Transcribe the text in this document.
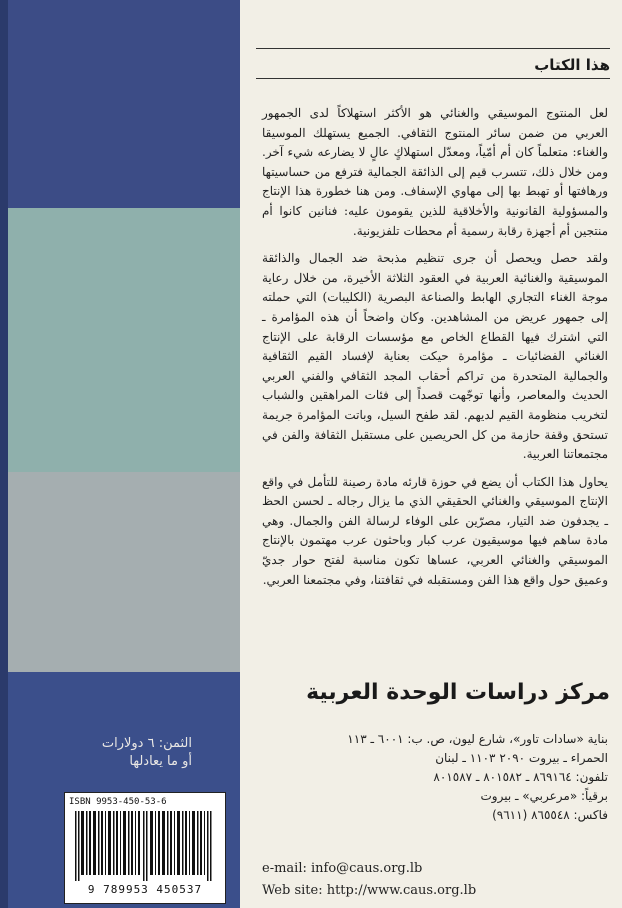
الثمن: ٦ دولارات
أو ما يعادلها
ISBN 9953-450-53-6
9 789953 450537
هذا الكتاب

لعل المنتوج الموسيقي والغنائي هو الأكثر استهلاكاً لدى الجمهور العربي من ضمن سائر المنتوج الثقافي. الجميع يستهلك الموسيقا والغناء: متعلماً كان أم أمّياً، ومعدّل استهلاكٍ عالٍ لا يضارعه شيء آخر. ومن خلال ذلك، تتسرب قيم إلى الذائقة الجمالية فترفع من حساسيتها ورهافتها أو تهبط بها إلى مهاوي الإسفاف. ومن هنا خطورة هذا الإنتاج والمسؤولية القانونية والأخلاقية للذين يقومون عليه: فنانين كانوا أم منتجين أم أجهزة رقابة رسمية أم محطات تلفزيونية.

ولقد حصل ويحصل أن جرى تنظيم مذبحة ضد الجمال والذائقة الموسيقية والغنائية العربية في العقود الثلاثة الأخيرة، من خلال رعاية موجة الغناء التجاري الهابط والصناعة البصرية (الكليبات) التي حملته إلى جمهور عريض من المشاهدين. وكان واضحاً أن هذه المؤامرة ـ التي اشترك فيها القطاع الخاص مع مؤسسات الرقابة على الإنتاج الغنائي الفضائيات ـ مؤامرة حيكت بعناية لإفساد القيم الثقافية والجمالية المتحدرة من تراكم أحقاب المجد الثقافي والفني العربي الحديث والمعاصر، وأنها توجّهت قصداً إلى فئات المراهقين والشباب لتخريب منظومة القيم لديهم. لقد طفح السيل، وباتت المؤامرة جريمة تستحق وقفة حازمة من كل الحريصين على مستقبل الثقافة والفن في مجتمعاتنا العربية.

يحاول هذا الكتاب أن يضع في حوزة قارئه مادة رصينة للتأمل في واقع الإنتاج الموسيقي والغنائي الحقيقي الذي ما يزال رجاله ـ لحسن الحظ ـ يجدفون ضد التيار، مصرّين على الوفاء لرسالة الفن والجمال. وهي مادة ساهم فيها موسيقيون عرب كبار وباحثون عرب مهتمون بالإنتاج الموسيقي والغنائي العربي، عساها تكون مناسبة لفتح حوار جديّ وعميق حول واقع هذا الفن ومستقبله في ثقافتنا، وفي مجتمعنا العربي.

مركز دراسات الوحدة العربية
بناية «سادات تاور»، شارع ليون، ص. ب: ٦٠٠١ ـ ١١٣
الحمراء ـ بيروت ٢٠٩٠ ١١٠٣ ـ لبنان
تلفون: ٨٦٩١٦٤ ـ ٨٠١٥٨٢ ـ ٨٠١٥٨٧
برقياً: «مرعربي» ـ بيروت
فاكس: ٨٦٥٥٤٨ (٩٦١١)
e-mail: info@caus.org.lb
Web site: http://www.caus.org.lb
